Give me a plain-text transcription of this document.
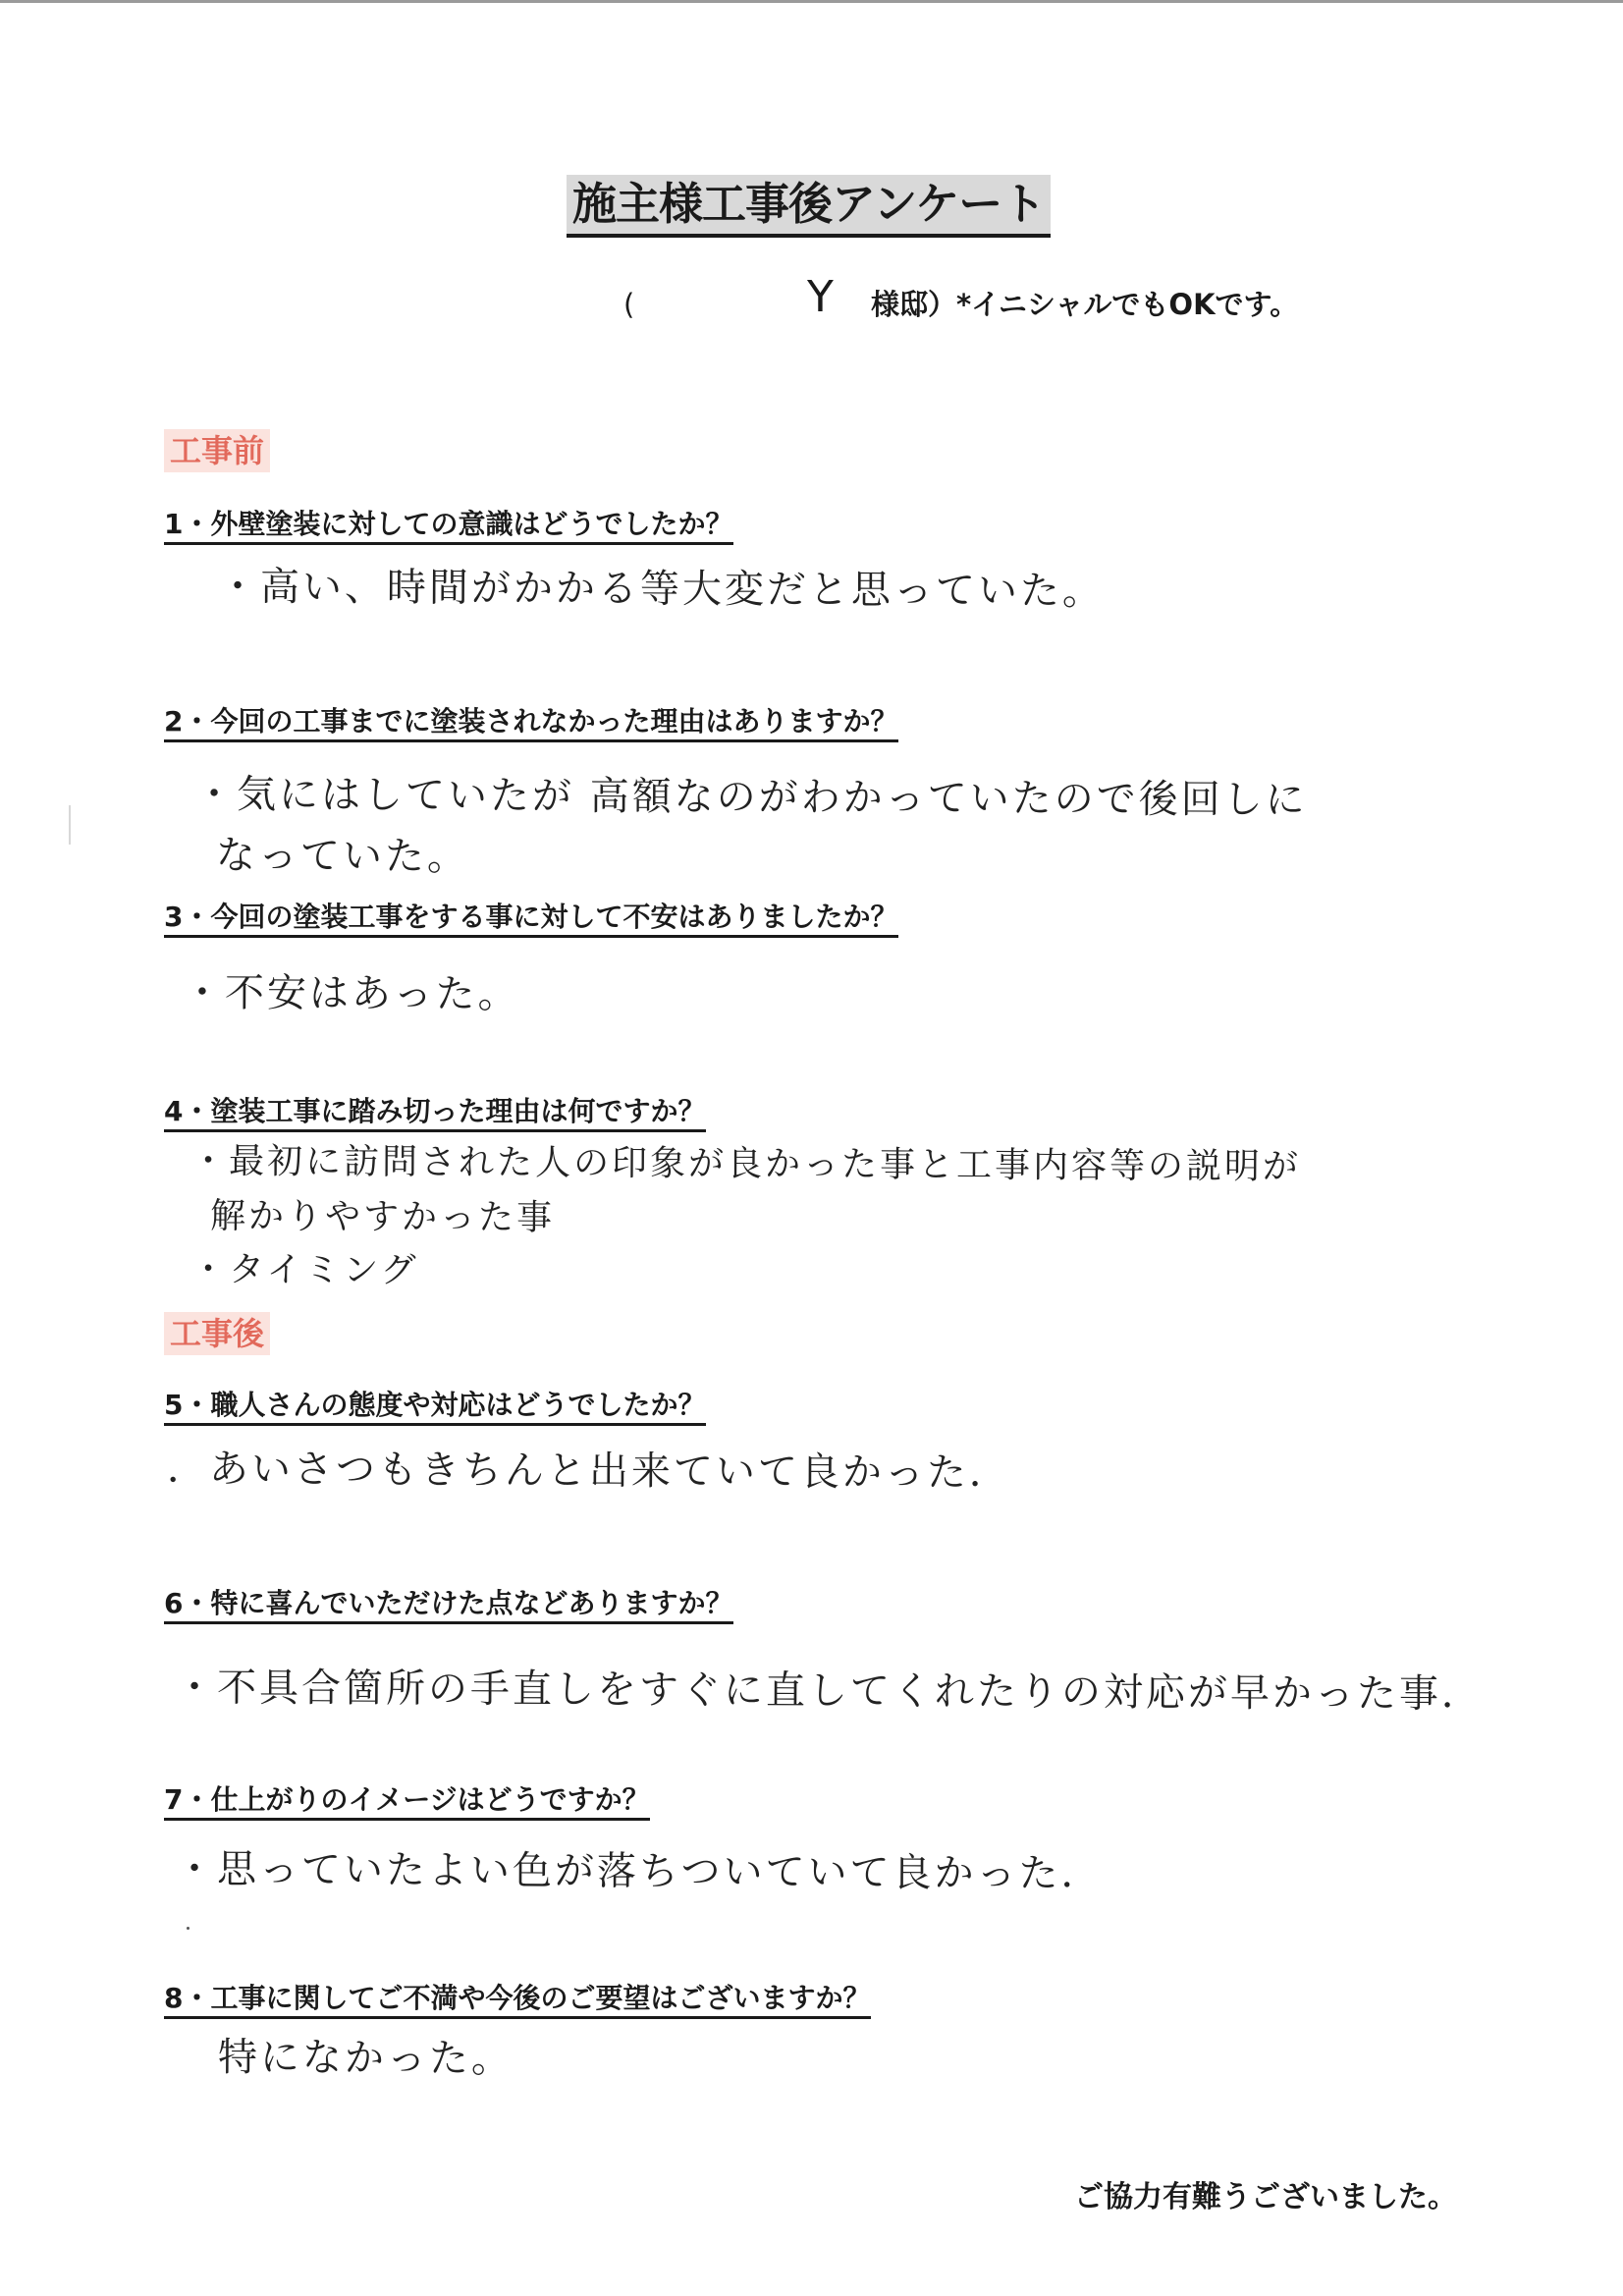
施主様工事後アンケート
(	Y 様邸）*イニシャルでもOKです。
工事前
1・外壁塗装に対しての意識はどうでしたか？
・高い、時間がかかる等大変だと思っていた。
2・今回の工事までに塗装されなかった理由はありますか？
・気にはしていたが 高額なのがわかっていたので後回しに
なっていた。
3・今回の塗装工事をする事に対して不安はありましたか？
・不安はあった。
4・塗装工事に踏み切った理由は何ですか？
・最初に訪問された人の印象が良かった事と工事内容等の説明が
解かりやすかった事
・タイミング
工事後
5・職人さんの態度や対応はどうでしたか？
．あいさつもきちんと出来ていて良かった．
6・特に喜んでいただけた点などありますか？
・不具合箇所の手直しをすぐに直してくれたりの対応が早かった事．
7・仕上がりのイメージはどうですか？
・思っていたよい色が落ちついていて良かった．
8・工事に関してご不満や今後のご要望はございますか？
特になかった。
ご協力有難うございました。
